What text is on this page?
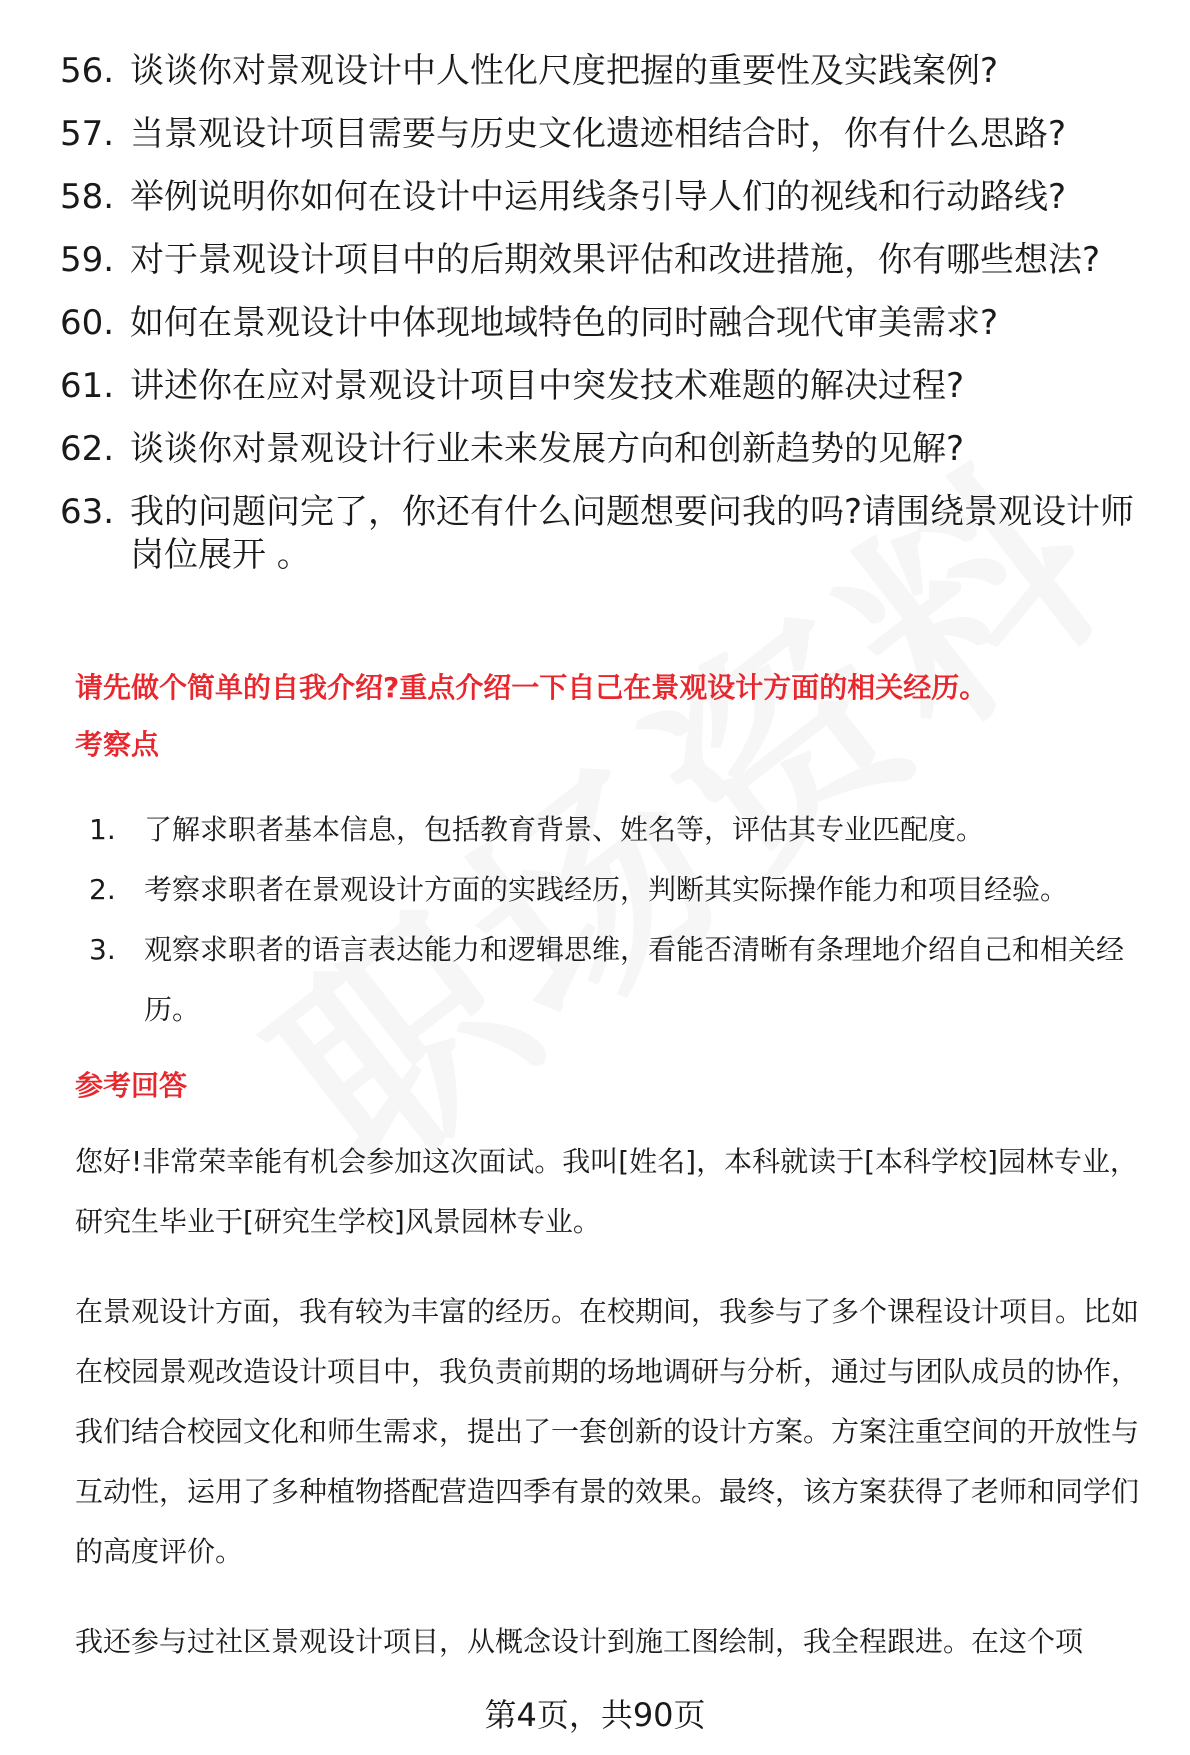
56. 谈谈你对景观设计中人性化尺度把握的重要性及实践案例?
57. 当景观设计项目需要与历史文化遗迹相结合时，你有什么思路?
58. 举例说明你如何在设计中运用线条引导人们的视线和行动路线?
59. 对于景观设计项目中的后期效果评估和改进措施，你有哪些想法?
60. 如何在景观设计中体现地域特色的同时融合现代审美需求?
61. 讲述你在应对景观设计项目中突发技术难题的解决过程?
62. 谈谈你对景观设计行业未来发展方向和创新趋势的见解?
63. 我的问题问完了，你还有什么问题想要问我的吗?请围绕景观设计师岗位展开 。
请先做个简单的自我介绍?重点介绍一下自己在景观设计方面的相关经历。
考察点
1.	了解求职者基本信息，包括教育背景、姓名等，评估其专业匹配度。
2.	考察求职者在景观设计方面的实践经历，判断其实际操作能力和项目经验。
3.	观察求职者的语言表达能力和逻辑思维，看能否清晰有条理地介绍自己和相关经历。
参考回答
您好!非常荣幸能有机会参加这次面试。我叫[姓名]，本科就读于[本科学校]园林专业，研究生毕业于[研究生学校]风景园林专业。
在景观设计方面，我有较为丰富的经历。在校期间，我参与了多个课程设计项目。比如在校园景观改造设计项目中，我负责前期的场地调研与分析，通过与团队成员的协作，我们结合校园文化和师生需求，提出了一套创新的设计方案。方案注重空间的开放性与互动性，运用了多种植物搭配营造四季有景的效果。最终，该方案获得了老师和同学们的高度评价。
我还参与过社区景观设计项目，从概念设计到施工图绘制，我全程跟进。在这个项
第4页，共90页
